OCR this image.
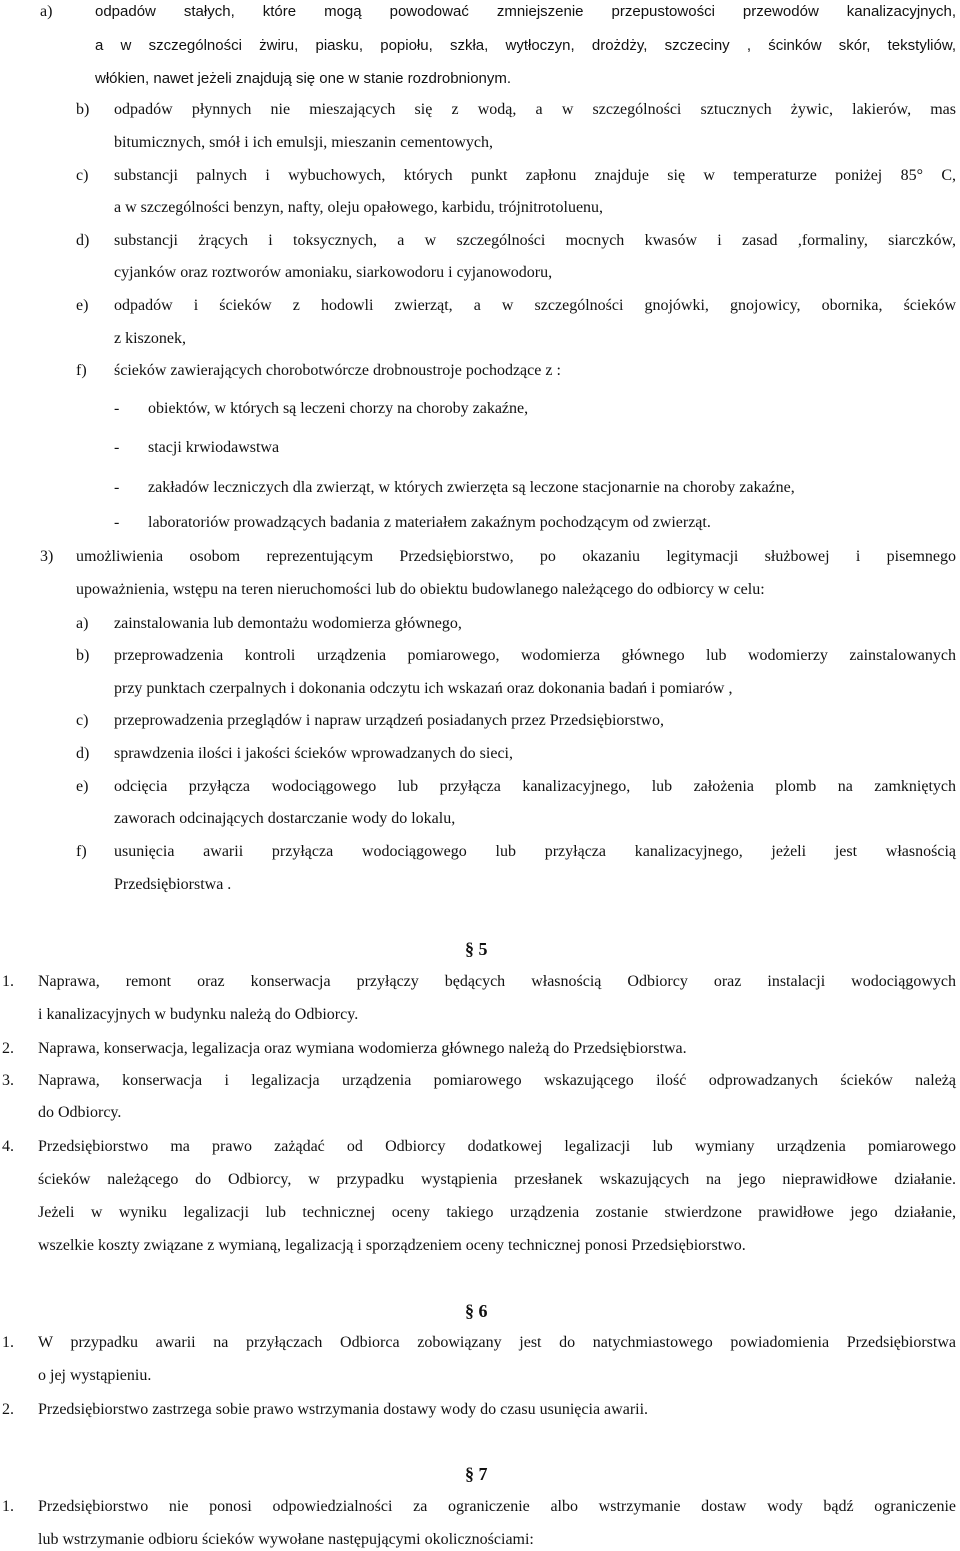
a)	odpadów stałych, które mogą powodować zmniejszenie przepustowości przewodów kanalizacyjnych,
a w szczególności żwiru, piasku, popiołu, szkła, wytłoczyn, drożdży, szczeciny , ścinków skór, tekstyliów,
włókien, nawet jeżeli znajdują się one w stanie rozdrobnionym.
b) odpadów płynnych nie mieszających się z wodą, a w szczególności sztucznych żywic, lakierów, mas
bitumicznych, smół i ich emulsji, mieszanin cementowych,
c) substancji palnych i wybuchowych, których punkt zapłonu znajduje się w temperaturze poniżej 85° C,
a w szczególności benzyn, nafty, oleju opałowego, karbidu, trójnitrotoluenu,
d) substancji żrących i toksycznych, a w szczególności mocnych kwasów i zasad ,formaliny, siarczków,
cyjanków oraz roztworów amoniaku, siarkowodoru i cyjanowodoru,
e) odpadów i ścieków z hodowli zwierząt, a w szczególności gnojówki, gnojowicy, obornika, ścieków
z kiszonek,
f) ścieków zawierających chorobotwórcze drobnoustroje pochodzące z :
- obiektów, w których są leczeni chorzy na choroby zakaźne,
- stacji krwiodawstwa
- zakładów leczniczych dla zwierząt, w których zwierzęta są leczone stacjonarnie na choroby zakaźne,
- laboratoriów prowadzących badania z materiałem zakaźnym pochodzącym od zwierząt.
3) umożliwienia osobom reprezentującym Przedsiębiorstwo, po okazaniu legitymacji służbowej i pisemnego
upoważnienia, wstępu na teren nieruchomości lub do obiektu budowlanego należącego do odbiorcy w celu:
a) zainstalowania lub demontażu wodomierza głównego,
b) przeprowadzenia kontroli urządzenia pomiarowego, wodomierza głównego lub wodomierzy zainstalowanych
przy punktach czerpalnych i dokonania odczytu ich wskazań oraz dokonania badań i pomiarów ,
c) przeprowadzenia przeglądów i napraw urządzeń posiadanych przez Przedsiębiorstwo,
d) sprawdzenia ilości i jakości ścieków wprowadzanych do sieci,
e) odcięcia przyłącza wodociągowego lub przyłącza kanalizacyjnego, lub założenia plomb na zamkniętych
zaworach odcinających dostarczanie wody do lokalu,
f) usunięcia awarii przyłącza wodociągowego lub przyłącza kanalizacyjnego, jeżeli jest własnością
Przedsiębiorstwa .
§ 5
1. Naprawa, remont oraz konserwacja przyłączy będących własnością Odbiorcy oraz instalacji wodociągowych
i kanalizacyjnych w budynku należą do Odbiorcy.
2. Naprawa, konserwacja, legalizacja oraz wymiana wodomierza głównego należą do Przedsiębiorstwa.
3. Naprawa, konserwacja i legalizacja urządzenia pomiarowego wskazującego ilość odprowadzanych ścieków należą
do Odbiorcy.
4. Przedsiębiorstwo ma prawo zażądać od Odbiorcy dodatkowej legalizacji lub wymiany urządzenia pomiarowego
ścieków należącego do Odbiorcy, w przypadku wystąpienia przesłanek wskazujących na jego nieprawidłowe działanie.
Jeżeli w wyniku legalizacji lub technicznej oceny takiego urządzenia zostanie stwierdzone prawidłowe jego działanie,
wszelkie koszty związane z wymianą, legalizacją i sporządzeniem oceny technicznej ponosi Przedsiębiorstwo.
§ 6
1. W przypadku awarii na przyłączach Odbiorca zobowiązany jest do natychmiastowego powiadomienia Przedsiębiorstwa
o jej wystąpieniu.
2. Przedsiębiorstwo zastrzega sobie prawo wstrzymania dostawy wody do czasu usunięcia awarii.
§ 7
1. Przedsiębiorstwo nie ponosi odpowiedzialności za ograniczenie albo wstrzymanie dostaw wody bądź ograniczenie
lub wstrzymanie odbioru ścieków wywołane następującymi okolicznościami:
